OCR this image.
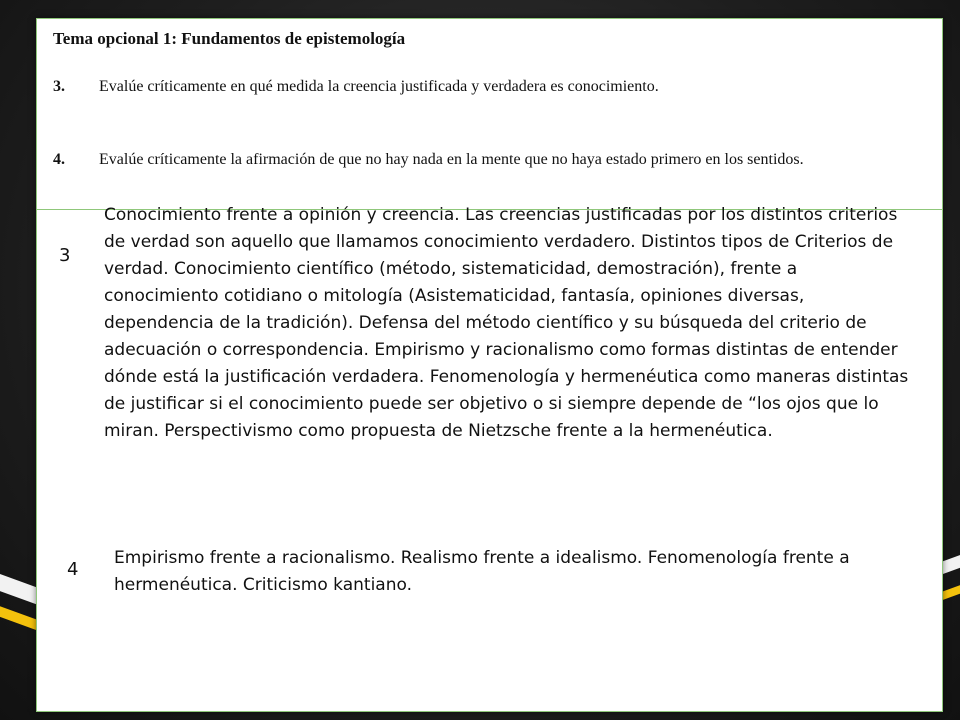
Tema opcional 1: Fundamentos de epistemología
3. Evalúe críticamente en qué medida la creencia justificada y verdadera es conocimiento.
4. Evalúe críticamente la afirmación de que no hay nada en la mente que no haya estado primero en los sentidos.
3
Conocimiento frente a opinión y creencia. Las creencias justificadas por los distintos criterios de verdad son aquello que llamamos conocimiento verdadero. Distintos tipos de Criterios de verdad. Conocimiento científico (método, sistematicidad, demostración), frente a conocimiento cotidiano o mitología (Asistematicidad, fantasía, opiniones diversas, dependencia de la tradición). Defensa del método científico y su búsqueda del criterio de adecuación o correspondencia. Empirismo y racionalismo como formas distintas de entender dónde está la justificación verdadera. Fenomenología y hermenéutica como maneras distintas de justificar si el conocimiento puede ser objetivo o si siempre depende de “los ojos que lo miran. Perspectivismo como propuesta de Nietzsche frente a la hermenéutica.
4
Empirismo frente a racionalismo. Realismo frente a idealismo. Fenomenología frente a hermenéutica. Criticismo kantiano.
